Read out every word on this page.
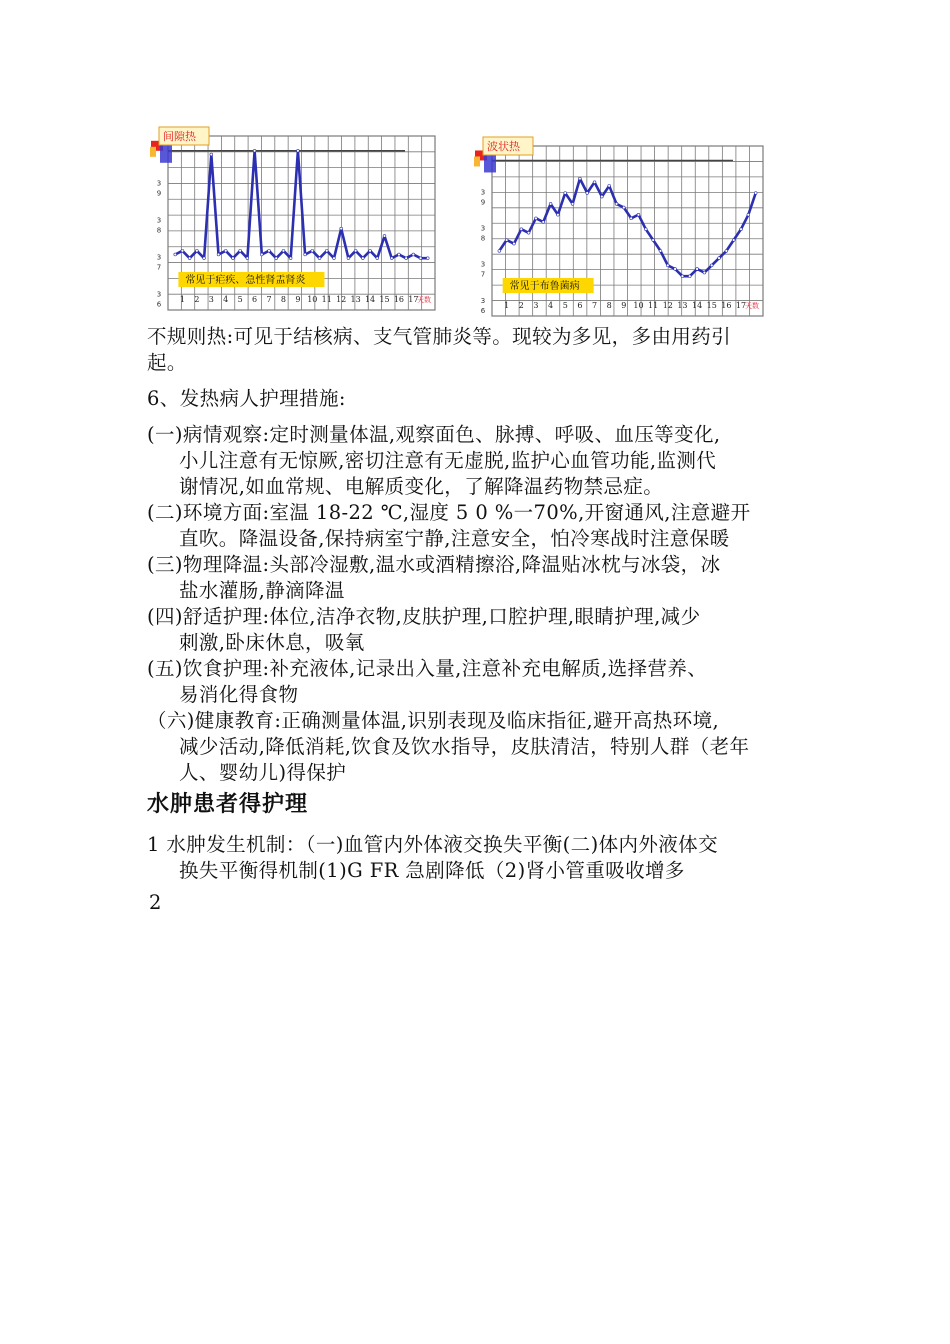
3
9
3
8
3
7
3
6
1 2 3 4 5 6 7 8 9 10 11 12 13 14 15 16 17
天数
间隙热
常见于疟疾、急性肾盂肾炎
3
9
3
8
3
7
3
6
1 2 3 4 5 6 7 8 9 10 11 12 13 14 15 16 17
天数
波状热
常见于布鲁菌病
不规则热:可见于结核病、支气管肺炎等。现较为多见，多由用药引
起。
6、发热病人护理措施:
(一)病情观察:定时测量体温,观察面色、脉搏、呼吸、血压等变化,
小儿注意有无惊厥,密切注意有无虚脱,监护心血管功能,监测代
谢情况,如血常规、电解质变化，了解降温药物禁忌症。
(二)环境方面:室温 18-22 ℃,湿度 5 0 %一70%,开窗通风,注意避开
直吹。降温设备,保持病室宁静,注意安全，怕冷寒战时注意保暖
(三)物理降温:头部冷湿敷,温水或酒精擦浴,降温贴冰枕与冰袋，冰
盐水灌肠,静滴降温
(四)舒适护理:体位,洁净衣物,皮肤护理,口腔护理,眼睛护理,减少
刺激,卧床休息，吸氧
(五)饮食护理:补充液体,记录出入量,注意补充电解质,选择营养、
易消化得食物
（六)健康教育:正确测量体温,识别表现及临床指征,避开高热环境,
减少活动,降低消耗,饮食及饮水指导，皮肤清洁，特别人群（老年
人、婴幼儿)得保护
水肿患者得护理
1 水肿发生机制：（一)血管内外体液交换失平衡(二)体内外液体交
换失平衡得机制(1)G FR 急剧降低（2)肾小管重吸收增多
2
